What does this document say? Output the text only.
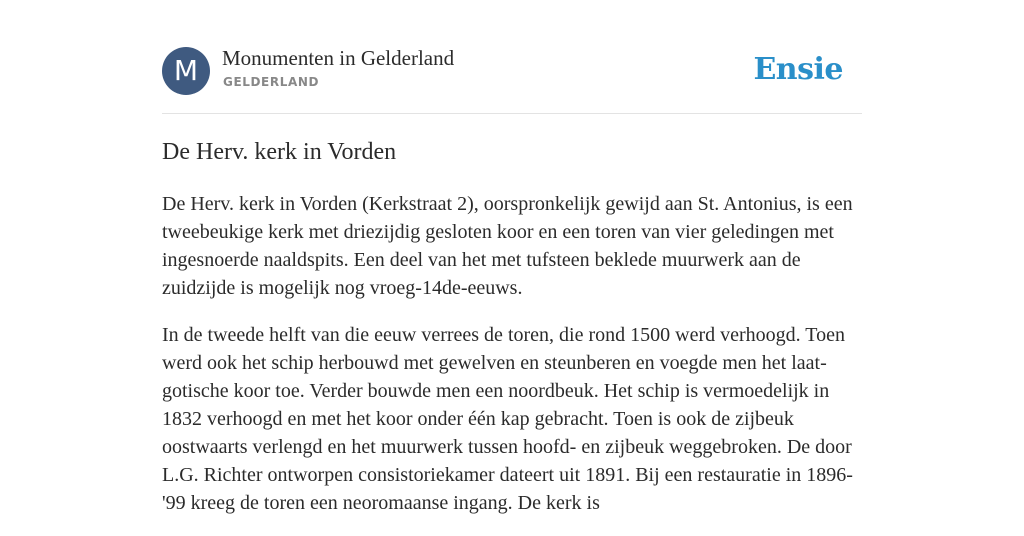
M	Monumenten in Gelderland
GELDERLAND	Ensie
De Herv. kerk in Vorden

De Herv. kerk in Vorden (Kerkstraat 2), oorspronkelijk gewijd aan St. Antonius, is een tweebeukige kerk met driezijdig gesloten koor en een toren van vier geledingen met ingesnoerde naaldspits. Een deel van het met tufsteen beklede muurwerk aan de zuidzijde is mogelijk nog vroeg-14de-eeuws.

In de tweede helft van die eeuw verrees de toren, die rond 1500 werd verhoogd. Toen werd ook het schip herbouwd met gewelven en steunberen en voegde men het laat-gotische koor toe. Verder bouwde men een noordbeuk. Het schip is vermoedelijk in 1832 verhoogd en met het koor onder één kap gebracht. Toen is ook de zijbeuk oostwaarts verlengd en het muurwerk tussen hoofd- en zijbeuk weggebroken. De door L.G. Richter ontworpen consistoriekamer dateert uit 1891. Bij een restauratie in 1896-'99 kreeg de toren een neoromaanse ingang. De kerk is
